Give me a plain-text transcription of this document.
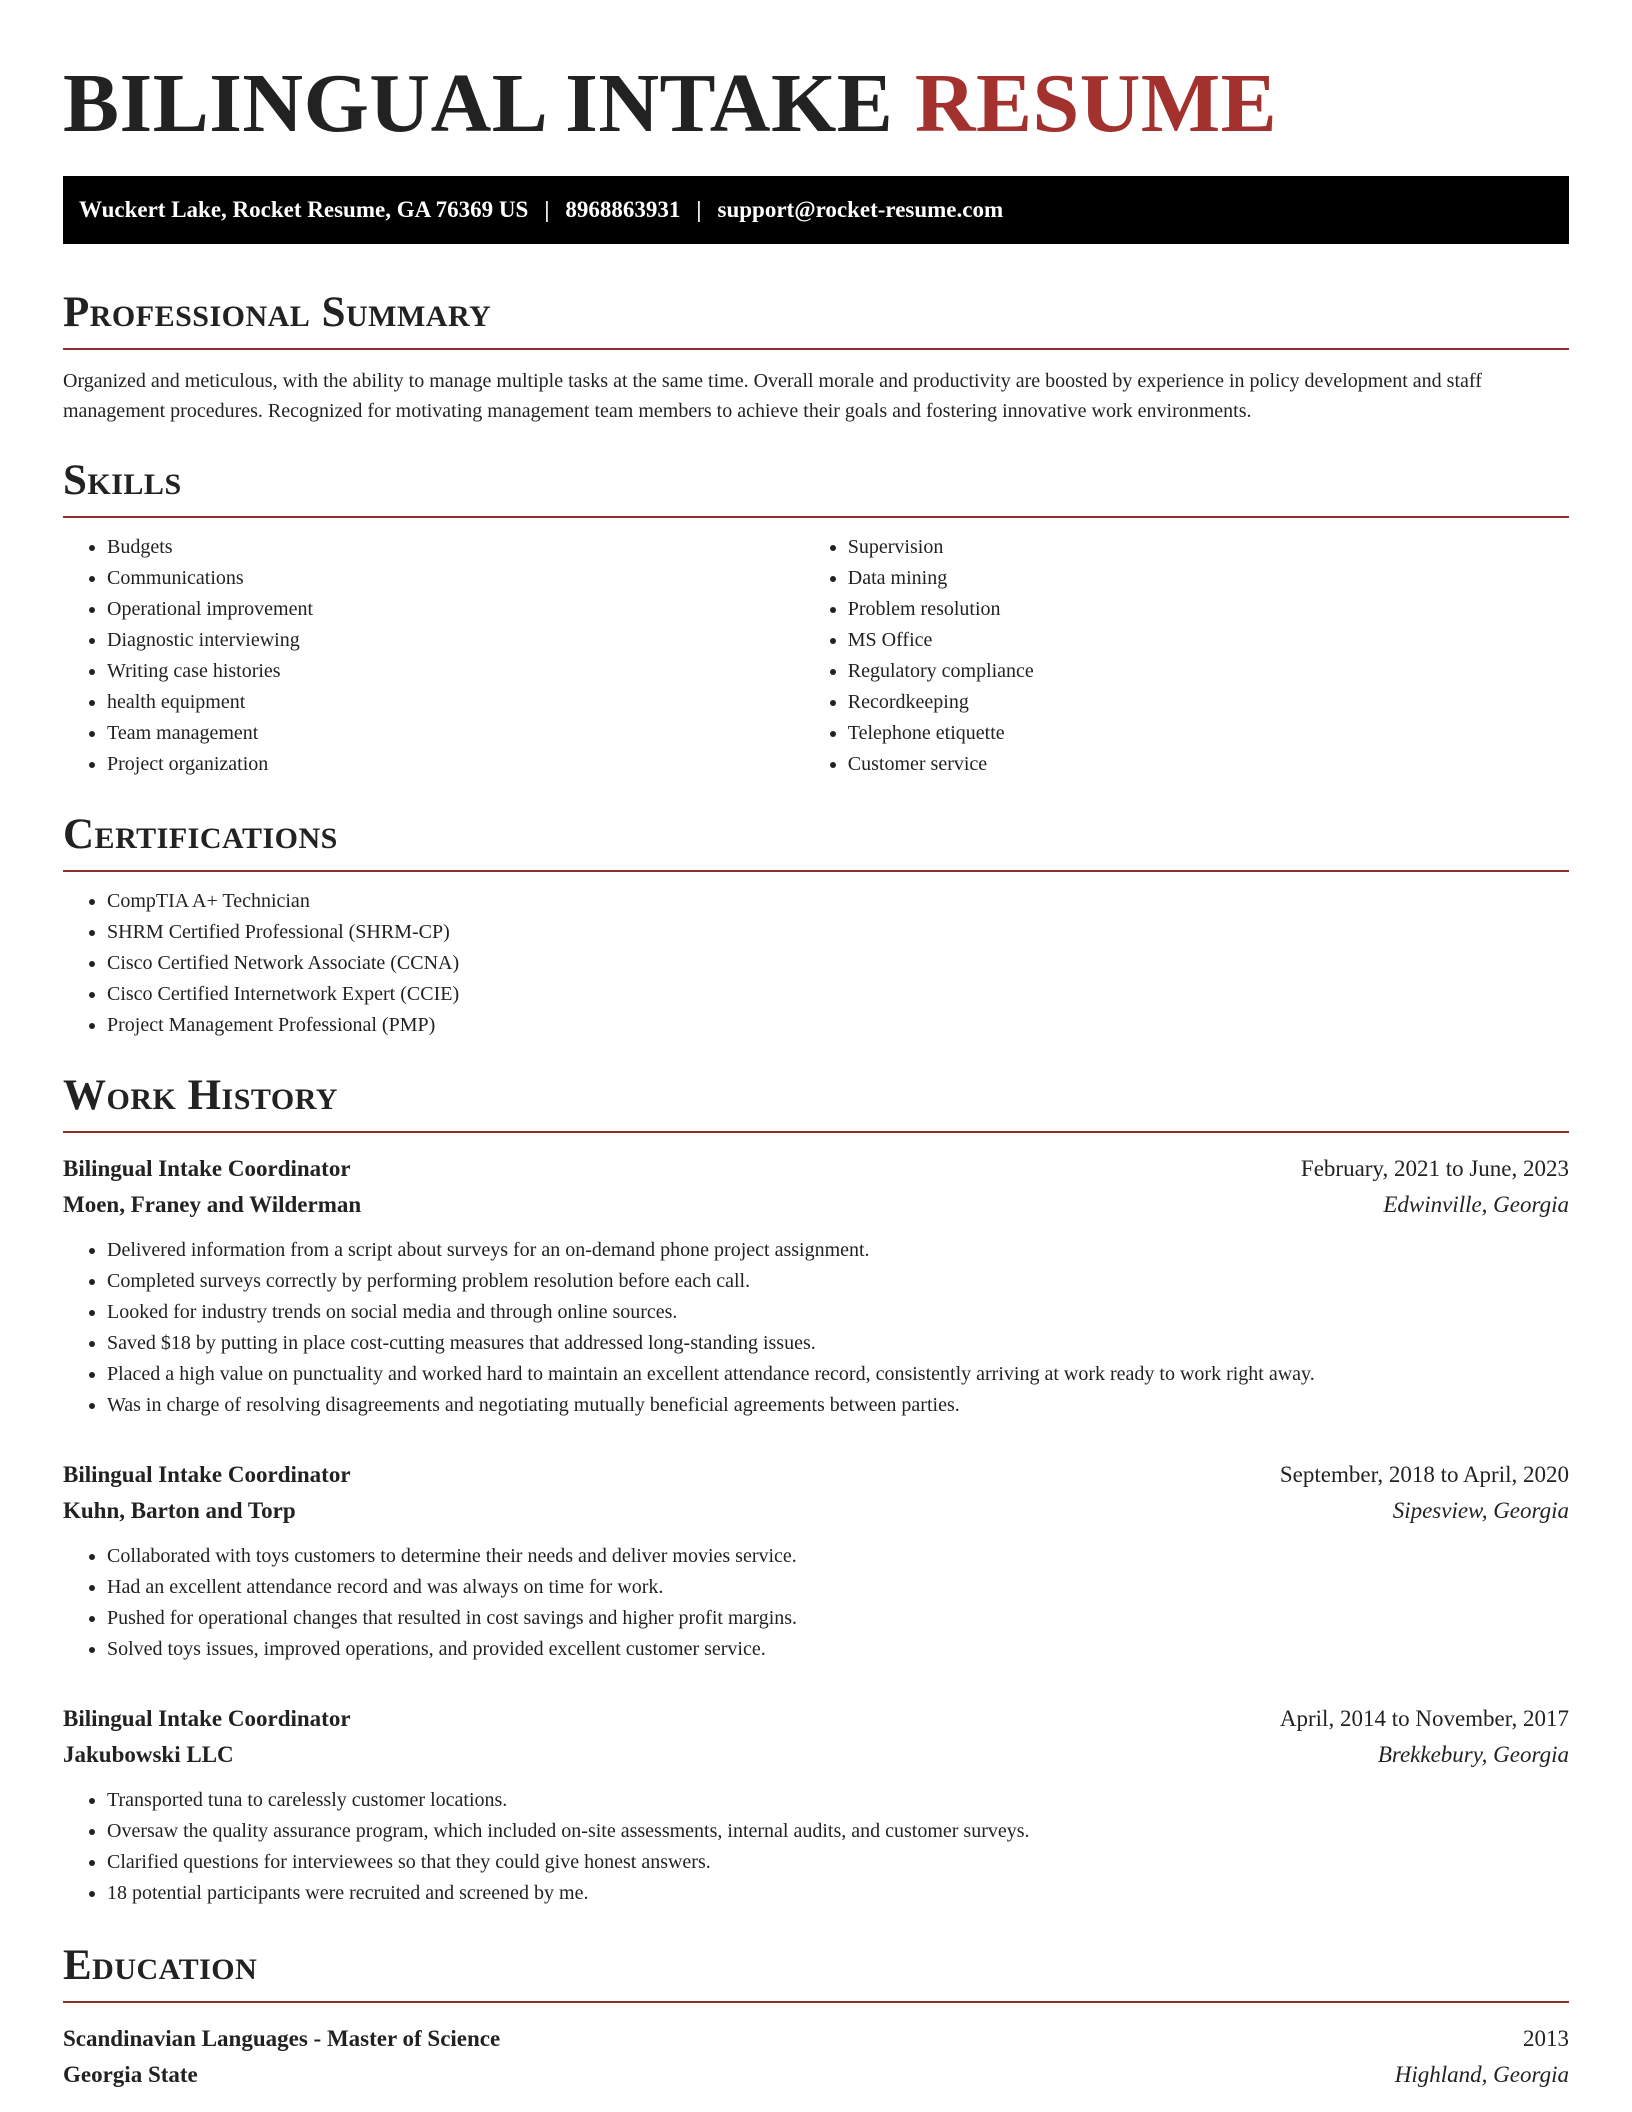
BILINGUAL INTAKE RESUME
Wuckert Lake, Rocket Resume, GA 76369 US | 8968863931 | support@rocket-resume.com
Professional Summary

Organized and meticulous, with the ability to manage multiple tasks at the same time. Overall morale and productivity are boosted by experience in policy development and staff management procedures. Recognized for motivating management team members to achieve their goals and fostering innovative work environments.

Skills
• Budgets
• Communications
• Operational improvement
• Diagnostic interviewing
• Writing case histories
• health equipment
• Team management
• Project organization
• Supervision
• Data mining
• Problem resolution
• MS Office
• Regulatory compliance
• Recordkeeping
• Telephone etiquette
• Customer service
Certifications
• CompTIA A+ Technician
• SHRM Certified Professional (SHRM-CP)
• Cisco Certified Network Associate (CCNA)
• Cisco Certified Internetwork Expert (CCIE)
• Project Management Professional (PMP)
Work History
Bilingual Intake Coordinator	February, 2021 to June, 2023
Moen, Franey and Wilderman	Edwinville, Georgia
• Delivered information from a script about surveys for an on-demand phone project assignment.
• Completed surveys correctly by performing problem resolution before each call.
• Looked for industry trends on social media and through online sources.
• Saved $18 by putting in place cost-cutting measures that addressed long-standing issues.
• Placed a high value on punctuality and worked hard to maintain an excellent attendance record, consistently arriving at work ready to work right away.
• Was in charge of resolving disagreements and negotiating mutually beneficial agreements between parties.
Bilingual Intake Coordinator	September, 2018 to April, 2020
Kuhn, Barton and Torp	Sipesview, Georgia
• Collaborated with toys customers to determine their needs and deliver movies service.
• Had an excellent attendance record and was always on time for work.
• Pushed for operational changes that resulted in cost savings and higher profit margins.
• Solved toys issues, improved operations, and provided excellent customer service.
Bilingual Intake Coordinator	April, 2014 to November, 2017
Jakubowski LLC	Brekkebury, Georgia
• Transported tuna to carelessly customer locations.
• Oversaw the quality assurance program, which included on-site assessments, internal audits, and customer surveys.
• Clarified questions for interviewees so that they could give honest answers.
• 18 potential participants were recruited and screened by me.
Education
Scandinavian Languages - Master of Science	2013
Georgia State	Highland, Georgia
